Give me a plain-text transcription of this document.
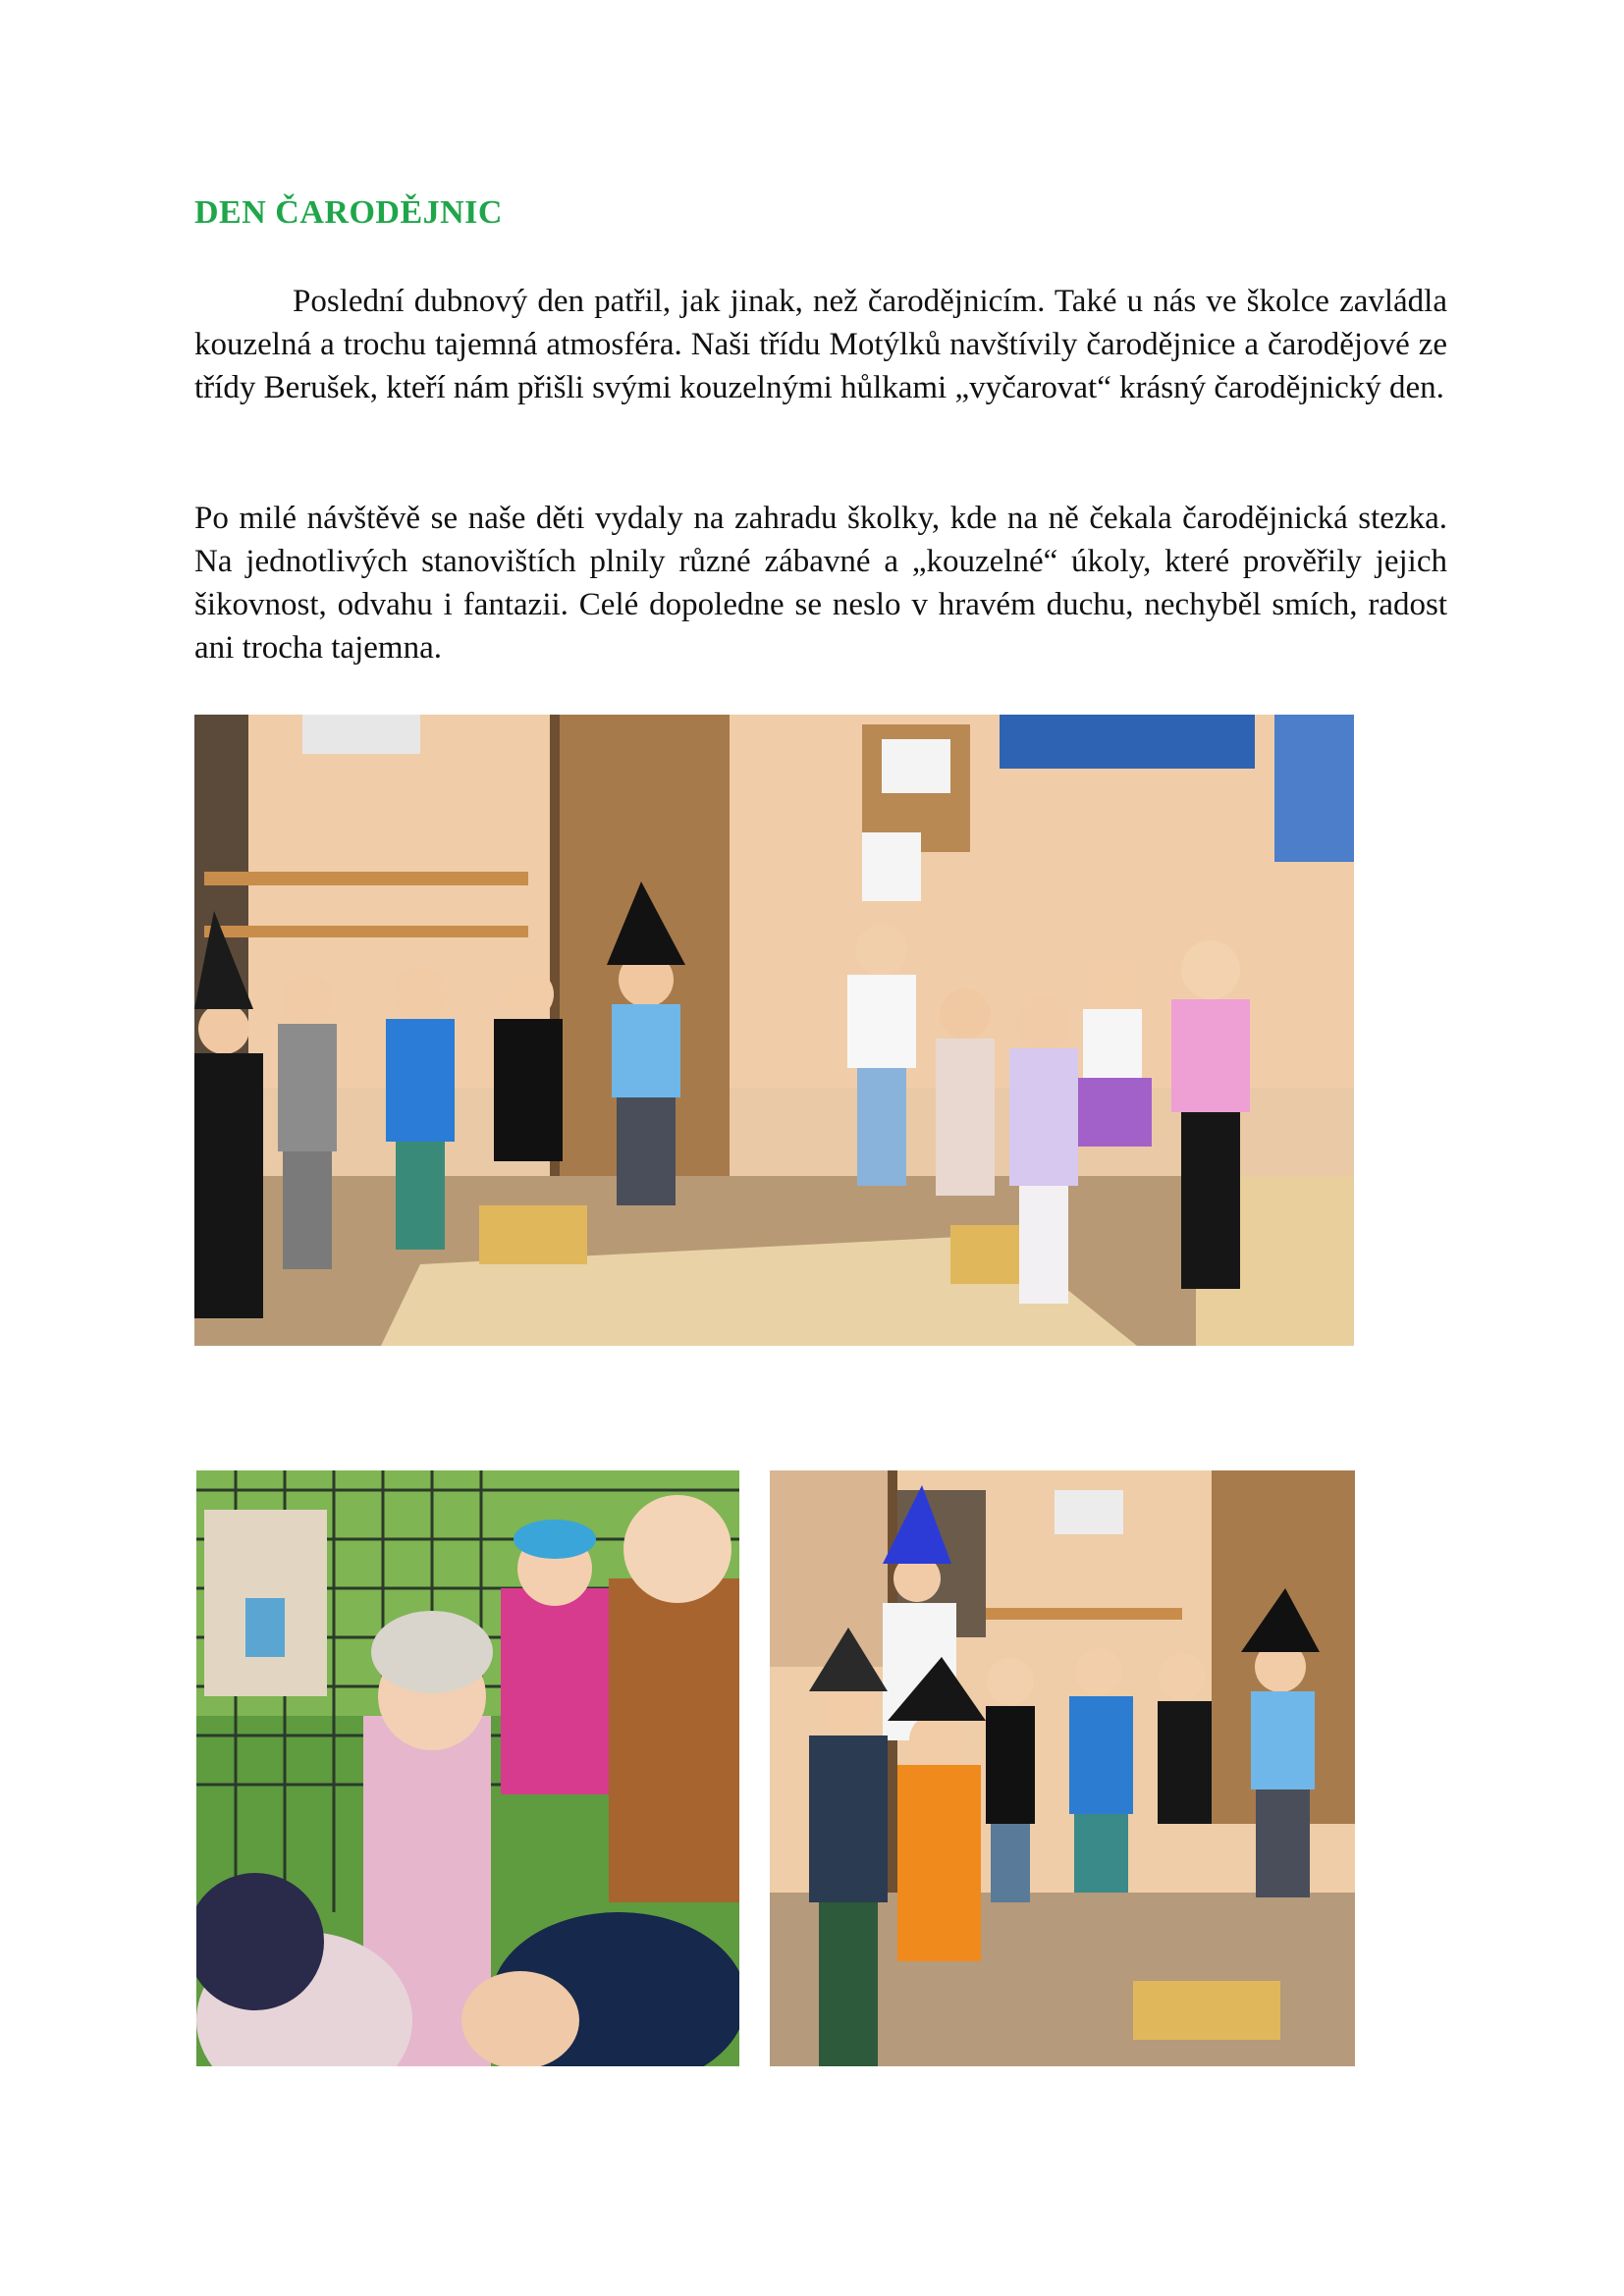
DEN ČARODĚJNIC

Poslední dubnový den patřil, jak jinak, než čarodějnicím. Také u nás ve školce zavládla kouzelná a trochu tajemná atmosféra. Naši třídu Motýlků navštívily čarodějnice a čarodějové ze třídy Berušek, kteří nám přišli svými kouzelnými hůlkami „vyčarovat“ krásný čarodějnický den.

Po milé návštěvě se naše děti vydaly na zahradu školky, kde na ně čekala čarodějnická stezka. Na jednotlivých stanovištích plnily různé zábavné a „kouzelné“ úkoly, které prověřily jejich šikovnost, odvahu i fantazii. Celé dopoledne se neslo v hravém duchu, nechyběl smích, radost ani trocha tajemna.
